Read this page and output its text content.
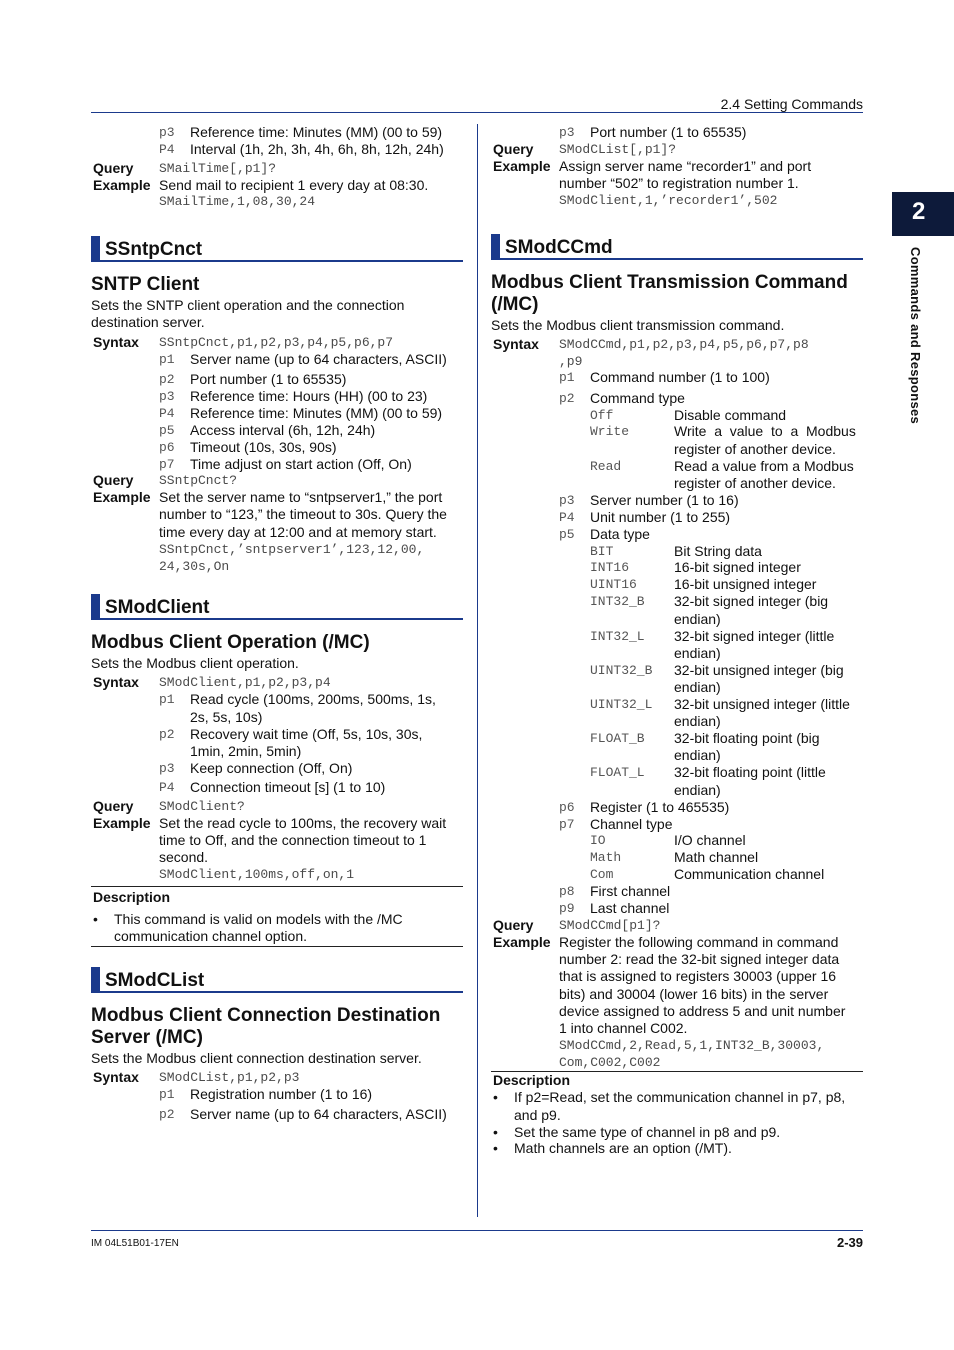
2.4 Setting Commands
2
Commands and Responses
p3 Reference time: Minutes (MM) (00 to 59)
P4 Interval (1h, 2h, 3h, 4h, 6h, 8h, 12h, 24h)
Query SMailTime[,p1]?
Example Send mail to recipient 1 every day at 08:30.
SMailTime,1,08,30,24
SSntpCnct
SNTP Client
Sets the SNTP client operation and the connection
destination server.
Syntax SSntpCnct,p1,p2,p3,p4,p5,p6,p7
p1 Server name (up to 64 characters, ASCII)
p2 Port number (1 to 65535)
p3 Reference time: Hours (HH) (00 to 23)
P4 Reference time: Minutes (MM) (00 to 59)
p5 Access interval (6h, 12h, 24h)
p6 Timeout (10s, 30s, 90s)
p7 Time adjust on start action (Off, On)
Query SSntpCnct?
Example Set the server name to “sntpserver1,” the port
number to “123,” the timeout to 30s. Query the
time every day at 12:00 and at memory start.
SSntpCnct,’sntpserver1’,123,12,00,
24,30s,On
SModClient
Modbus Client Operation (/MC)
Sets the Modbus client operation.
Syntax SModClient,p1,p2,p3,p4
p1 Read cycle (100ms, 200ms, 500ms, 1s,
2s, 5s, 10s)
p2 Recovery wait time (Off, 5s, 10s, 30s,
1min, 2min, 5min)
p3 Keep connection (Off, On)
P4 Connection timeout [s] (1 to 10)
Query SModClient?
Example Set the read cycle to 100ms, the recovery wait
time to Off, and the connection timeout to 1
second.
SModClient,100ms,off,on,1
Description
• This command is valid on models with the /MC
communication channel option.
SModCList
Modbus Client Connection Destination
Server (/MC)
Sets the Modbus client connection destination server.
Syntax SModCList,p1,p2,p3
p1 Registration number (1 to 16)
p2 Server name (up to 64 characters, ASCII)
p3 Port number (1 to 65535)
Query SModCList[,p1]?
Example Assign server name “recorder1” and port
number “502” to registration number 1.
SModClient,1,’recorder1’,502
SModCCmd
Modbus Client Transmission Command
(/MC)
Sets the Modbus client transmission command.
Syntax SModCCmd,p1,p2,p3,p4,p5,p6,p7,p8
,p9
p1 Command number (1 to 100)
p2 Command type
Off	Disable command
Write	Write  a  value  to  a  Modbus
register of another device.
Read	Read a value from a Modbus
register of another device.
p3 Server number (1 to 16)
P4 Unit number (1 to 255)
p5 Data type
BIT	Bit String data
INT16	16-bit signed integer
UINT16	16-bit unsigned integer
INT32_B 32-bit signed integer (big
endian)
INT32_L 32-bit signed integer (little
endian)
UINT32_B 32-bit unsigned integer (big
endian)
UINT32_L 32-bit unsigned integer (little
endian)
FLOAT_B 32-bit floating point (big
endian)
FLOAT_L 32-bit floating point (little
endian)
p6 Register (1 to 465535)
p7 Channel type
IO	I/O channel
Math	Math channel
Com	Communication channel
p8 First channel
p9 Last channel
Query SModCCmd[p1]?
Example Register the following command in command
number 2: read the 32-bit signed integer data
that is assigned to registers 30003 (upper 16
bits) and 30004 (lower 16 bits) in the server
device assigned to address 5 and unit number
1 into channel C002.
SModCCmd,2,Read,5,1,INT32_B,30003,
Com,C002,C002
Description
• If p2=Read, set the communication channel in p7, p8,
and p9.
• Set the same type of channel in p8 and p9.
• Math channels are an option (/MT).
IM 04L51B01-17EN	2-39
